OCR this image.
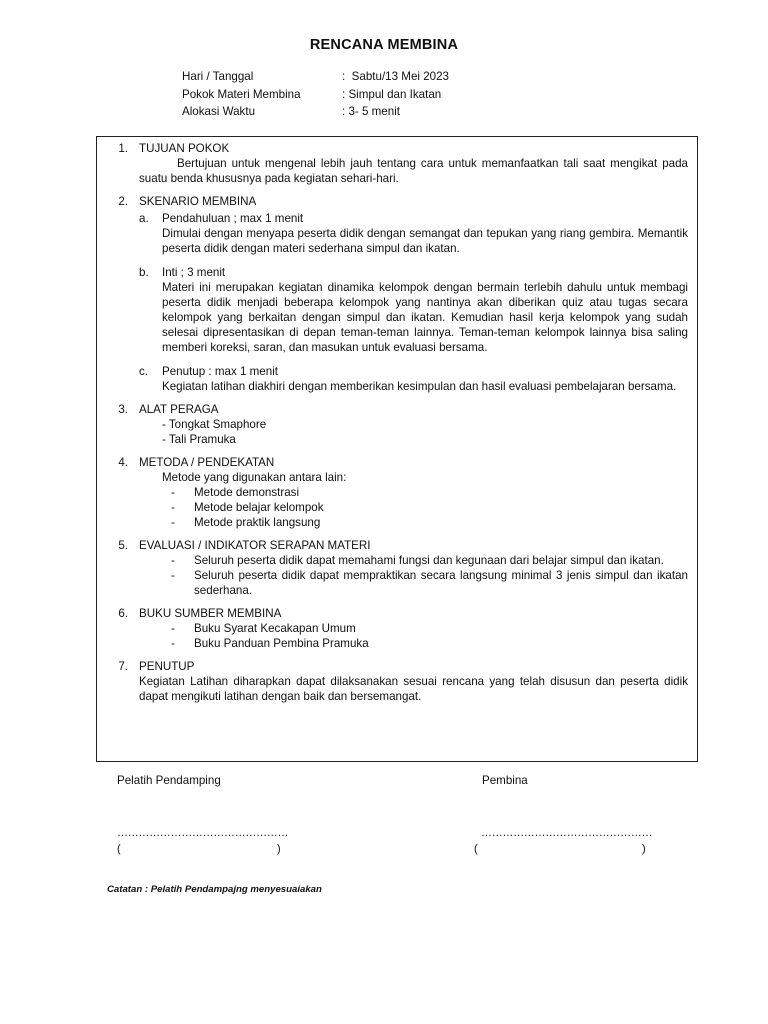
RENCANA MEMBINA
Hari / Tanggal	:  Sabtu/13 Mei 2023
Pokok Materi Membina	: Simpul dan Ikatan
Alokasi Waktu	: 3- 5 menit
1. TUJUAN POKOK
Bertujuan untuk mengenal lebih jauh tentang cara untuk memanfaatkan tali saat mengikat pada suatu benda khususnya pada kegiatan sehari-hari.
2. SKENARIO MEMBINA
a.	Pendahuluan ; max 1 menit
Dimulai dengan menyapa peserta didik dengan semangat dan tepukan yang riang gembira. Memantik peserta didik dengan materi sederhana simpul dan ikatan.
b.	Inti ; 3 menit
Materi ini merupakan kegiatan dinamika kelompok dengan bermain terlebih dahulu untuk membagi peserta didik menjadi beberapa kelompok yang nantinya akan diberikan quiz atau tugas secara kelompok yang berkaitan dengan simpul dan ikatan. Kemudian hasil kerja kelompok yang sudah selesai dipresentasikan di depan teman-teman lainnya. Teman-teman kelompok lainnya bisa saling memberi koreksi, saran, dan masukan untuk evaluasi bersama.
c.	Penutup : max 1 menit
Kegiatan latihan diakhiri dengan memberikan kesimpulan dan hasil evaluasi pembelajaran bersama.
3. ALAT PERAGA
- Tongkat Smaphore
- Tali Pramuka
4. METODA / PENDEKATAN
Metode yang digunakan antara lain:
-	Metode demonstrasi
-	Metode belajar kelompok
-	Metode praktik langsung
5. EVALUASI / INDIKATOR SERAPAN MATERI
-	Seluruh peserta didik dapat memahami fungsi dan kegunaan dari belajar simpul dan ikatan.
-	Seluruh peserta didik dapat mempraktikan secara langsung minimal 3 jenis simpul dan ikatan sederhana.
6. BUKU SUMBER MEMBINA
-	Buku Syarat Kecakapan Umum
-	Buku Panduan Pembina Pramuka
7. PENUTUP
Kegiatan Latihan diharapkan dapat dilaksanakan sesuai rencana yang telah disusun dan peserta didik dapat mengikuti latihan dengan baik dan bersemangat.
Pelatih Pendamping	Pembina
…………………………………………	…………………………………………
(	)	(	)
Catatan : Pelatih Pendampajng menyesuaiakan
